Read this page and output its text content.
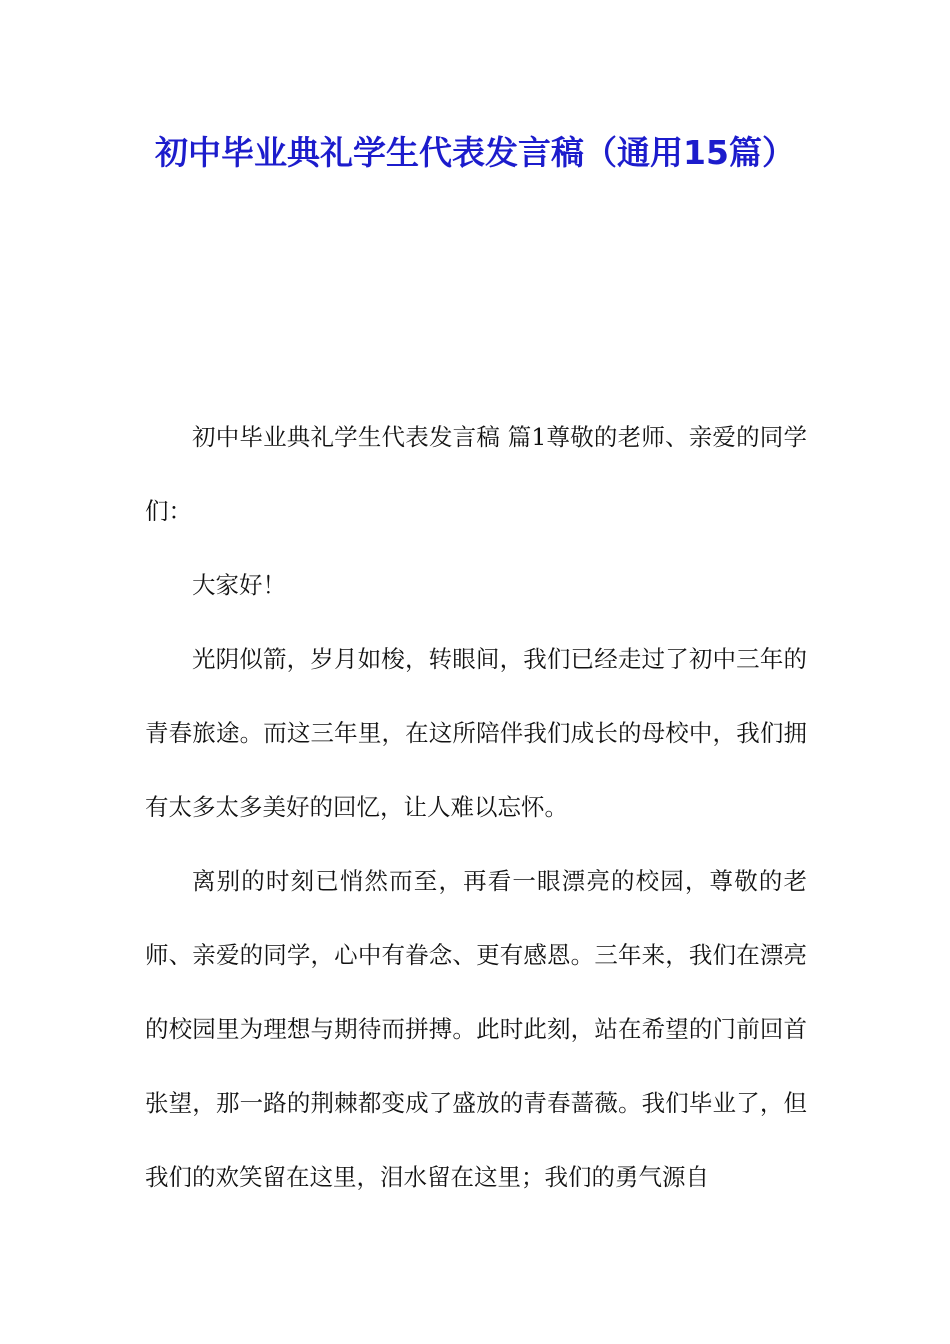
初中毕业典礼学生代表发言稿（通用15篇）

初中毕业典礼学生代表发言稿 篇1尊敬的老师、亲爱的同学们：

大家好！

光阴似箭，岁月如梭，转眼间，我们已经走过了初中三年的青春旅途。而这三年里，在这所陪伴我们成长的母校中，我们拥有太多太多美好的回忆，让人难以忘怀。

离别的时刻已悄然而至，再看一眼漂亮的校园，尊敬的老师、亲爱的同学，心中有眷念、更有感恩。三年来，我们在漂亮的校园里为理想与期待而拼搏。此时此刻，站在希望的门前回首张望，那一路的荆棘都变成了盛放的青春蔷薇。我们毕业了，但我们的欢笑留在这里，泪水留在这里；我们的勇气源自
